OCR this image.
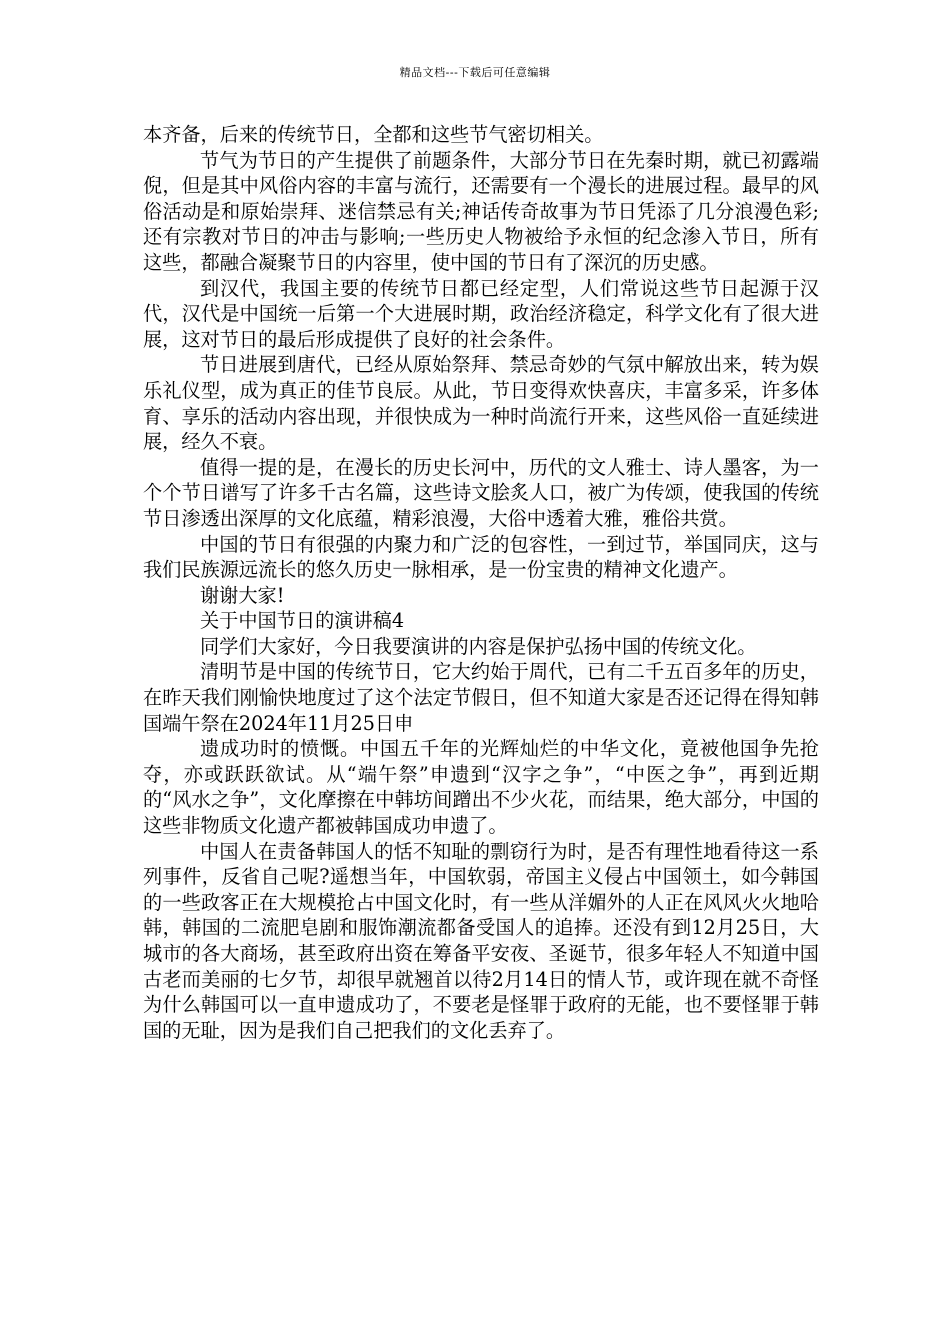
精品文档---下载后可任意编辑

本齐备，后来的传统节日，全都和这些节气密切相关。

节气为节日的产生提供了前题条件，大部分节日在先秦时期，就已初露端倪，但是其中风俗内容的丰富与流行，还需要有一个漫长的进展过程。最早的风俗活动是和原始崇拜、迷信禁忌有关;神话传奇故事为节日凭添了几分浪漫色彩;还有宗教对节日的冲击与影响;一些历史人物被给予永恒的纪念渗入节日，所有这些，都融合凝聚节日的内容里，使中国的节日有了深沉的历史感。

到汉代，我国主要的传统节日都已经定型，人们常说这些节日起源于汉代，汉代是中国统一后第一个大进展时期，政治经济稳定，科学文化有了很大进展，这对节日的最后形成提供了良好的社会条件。

节日进展到唐代，已经从原始祭拜、禁忌奇妙的气氛中解放出来，转为娱乐礼仪型，成为真正的佳节良辰。从此，节日变得欢快喜庆，丰富多采，许多体育、享乐的活动内容出现，并很快成为一种时尚流行开来，这些风俗一直延续进展，经久不衰。

值得一提的是，在漫长的历史长河中，历代的文人雅士、诗人墨客，为一个个节日谱写了许多千古名篇，这些诗文脍炙人口，被广为传颂，使我国的传统节日渗透出深厚的文化底蕴，精彩浪漫，大俗中透着大雅，雅俗共赏。

中国的节日有很强的内聚力和广泛的包容性，一到过节，举国同庆，这与我们民族源远流长的悠久历史一脉相承，是一份宝贵的精神文化遗产。

谢谢大家!

关于中国节日的演讲稿4

同学们大家好，今日我要演讲的内容是保护弘扬中国的传统文化。

清明节是中国的传统节日，它大约始于周代，已有二千五百多年的历史，在昨天我们刚愉快地度过了这个法定节假日，但不知道大家是否还记得在得知韩国端午祭在2024年11月25日申

遗成功时的愤慨。中国五千年的光辉灿烂的中华文化，竟被他国争先抢夺，亦或跃跃欲试。从“端午祭”申遗到“汉字之争”，“中医之争”，再到近期的“风水之争”，文化摩擦在中韩坊间蹭出不少火花，而结果，绝大部分，中国的这些非物质文化遗产都被韩国成功申遗了。

中国人在责备韩国人的恬不知耻的剽窃行为时，是否有理性地看待这一系列事件，反省自己呢?遥想当年，中国软弱，帝国主义侵占中国领土，如今韩国的一些政客正在大规模抢占中国文化时，有一些从洋媚外的人正在风风火火地哈韩，韩国的二流肥皂剧和服饰潮流都备受国人的追捧。还没有到12月25日，大城市的各大商场，甚至政府出资在筹备平安夜、圣诞节，很多年轻人不知道中国古老而美丽的七夕节，却很早就翘首以待2月14日的情人节，或许现在就不奇怪为什么韩国可以一直申遗成功了，不要老是怪罪于政府的无能，也不要怪罪于韩国的无耻，因为是我们自己把我们的文化丢弃了。
